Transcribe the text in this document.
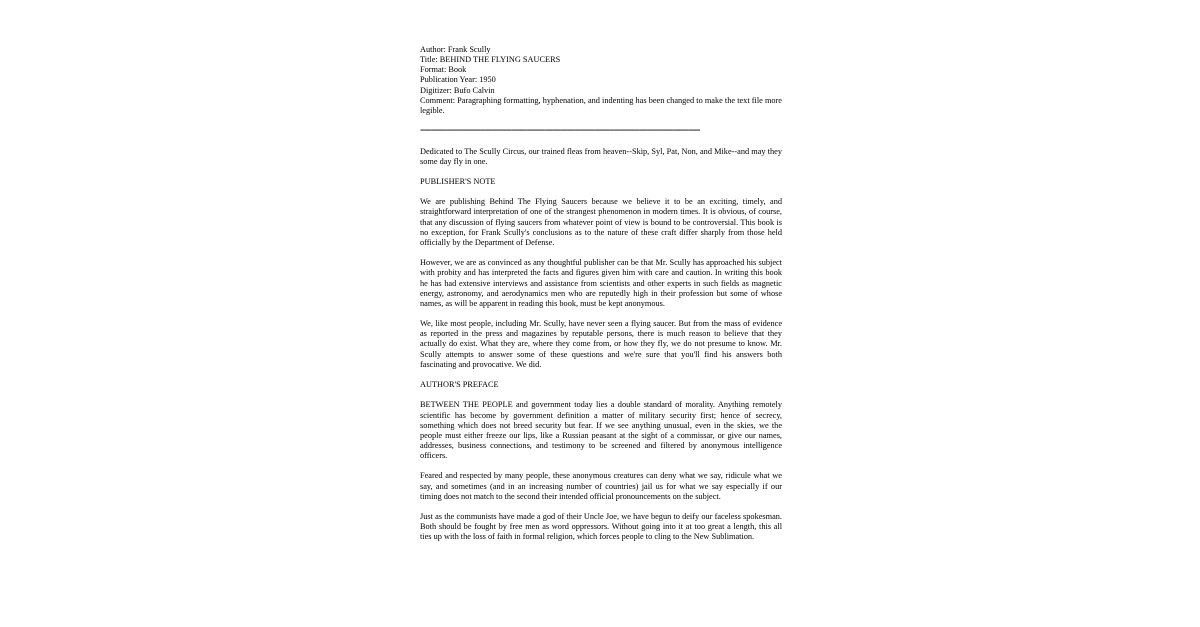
Author: Frank Scully
Title: BEHIND THE FLYING SAUCERS
Format: Book
Publication Year: 1950
Digitizer: Bufo Calvin
Comment: Paragraphing formatting, hyphenation, and indenting has been changed to make the text file more legible.
==========================================================================
Dedicated to The Scully Circus, our trained fleas from heaven--Skip, Syl, Pat, Non, and Mike--and may they some day fly in one.
PUBLISHER'S NOTE
We are publishing Behind The Flying Saucers because we believe it to be an exciting, timely, and straightforward interpretation of one of the strangest phenomenon in modern times. It is obvious, of course, that any discussion of flying saucers from whatever point of view is bound to be controversial. This book is no exception, for Frank Scully's conclusions as to the nature of these craft differ sharply from those held officially by the Department of Defense.
However, we are as convinced as any thoughtful publisher can be that Mr. Scully has approached his subject with probity and has interpreted the facts and figures given him with care and caution. In writing this book he has had extensive interviews and assistance from scientists and other experts in such fields as magnetic energy, astronomy, and aerodynamics men who are reputedly high in their profession but some of whose names, as will be apparent in reading this book, must be kept anonymous.
We, like most people, including Mr. Scully, have never seen a flying saucer. But from the mass of evidence as reported in the press and magazines by reputable persons, there is much reason to believe that they actually do exist. What they are, where they come from, or how they fly, we do not presume to know. Mr. Scully attempts to answer some of these questions and we're sure that you'll find his answers both fascinating and provocative. We did.
AUTHOR'S PREFACE
BETWEEN THE PEOPLE and government today lies a double standard of morality. Anything remotely scientific has become by government definition a matter of military security first; hence of secrecy, something which does not breed security but fear. If we see anything unusual, even in the skies, we the people must either freeze our lips, like a Russian peasant at the sight of a commissar, or give our names, addresses, business connections, and testimony to be screened and filtered by anonymous intelligence officers.
Feared and respected by many people, these anonymous creatures can deny what we say, ridicule what we say, and sometimes (and in an increasing number of countries) jail us for what we say especially if our timing does not match to the second their intended official pronouncements on the subject.
Just as the communists have made a god of their Uncle Joe, we have begun to deify our faceless spokesman. Both should be fought by free men as word oppressors. Without going into it at too great a length, this all ties up with the loss of faith in formal religion, which forces people to cling to the New Sublimation.
